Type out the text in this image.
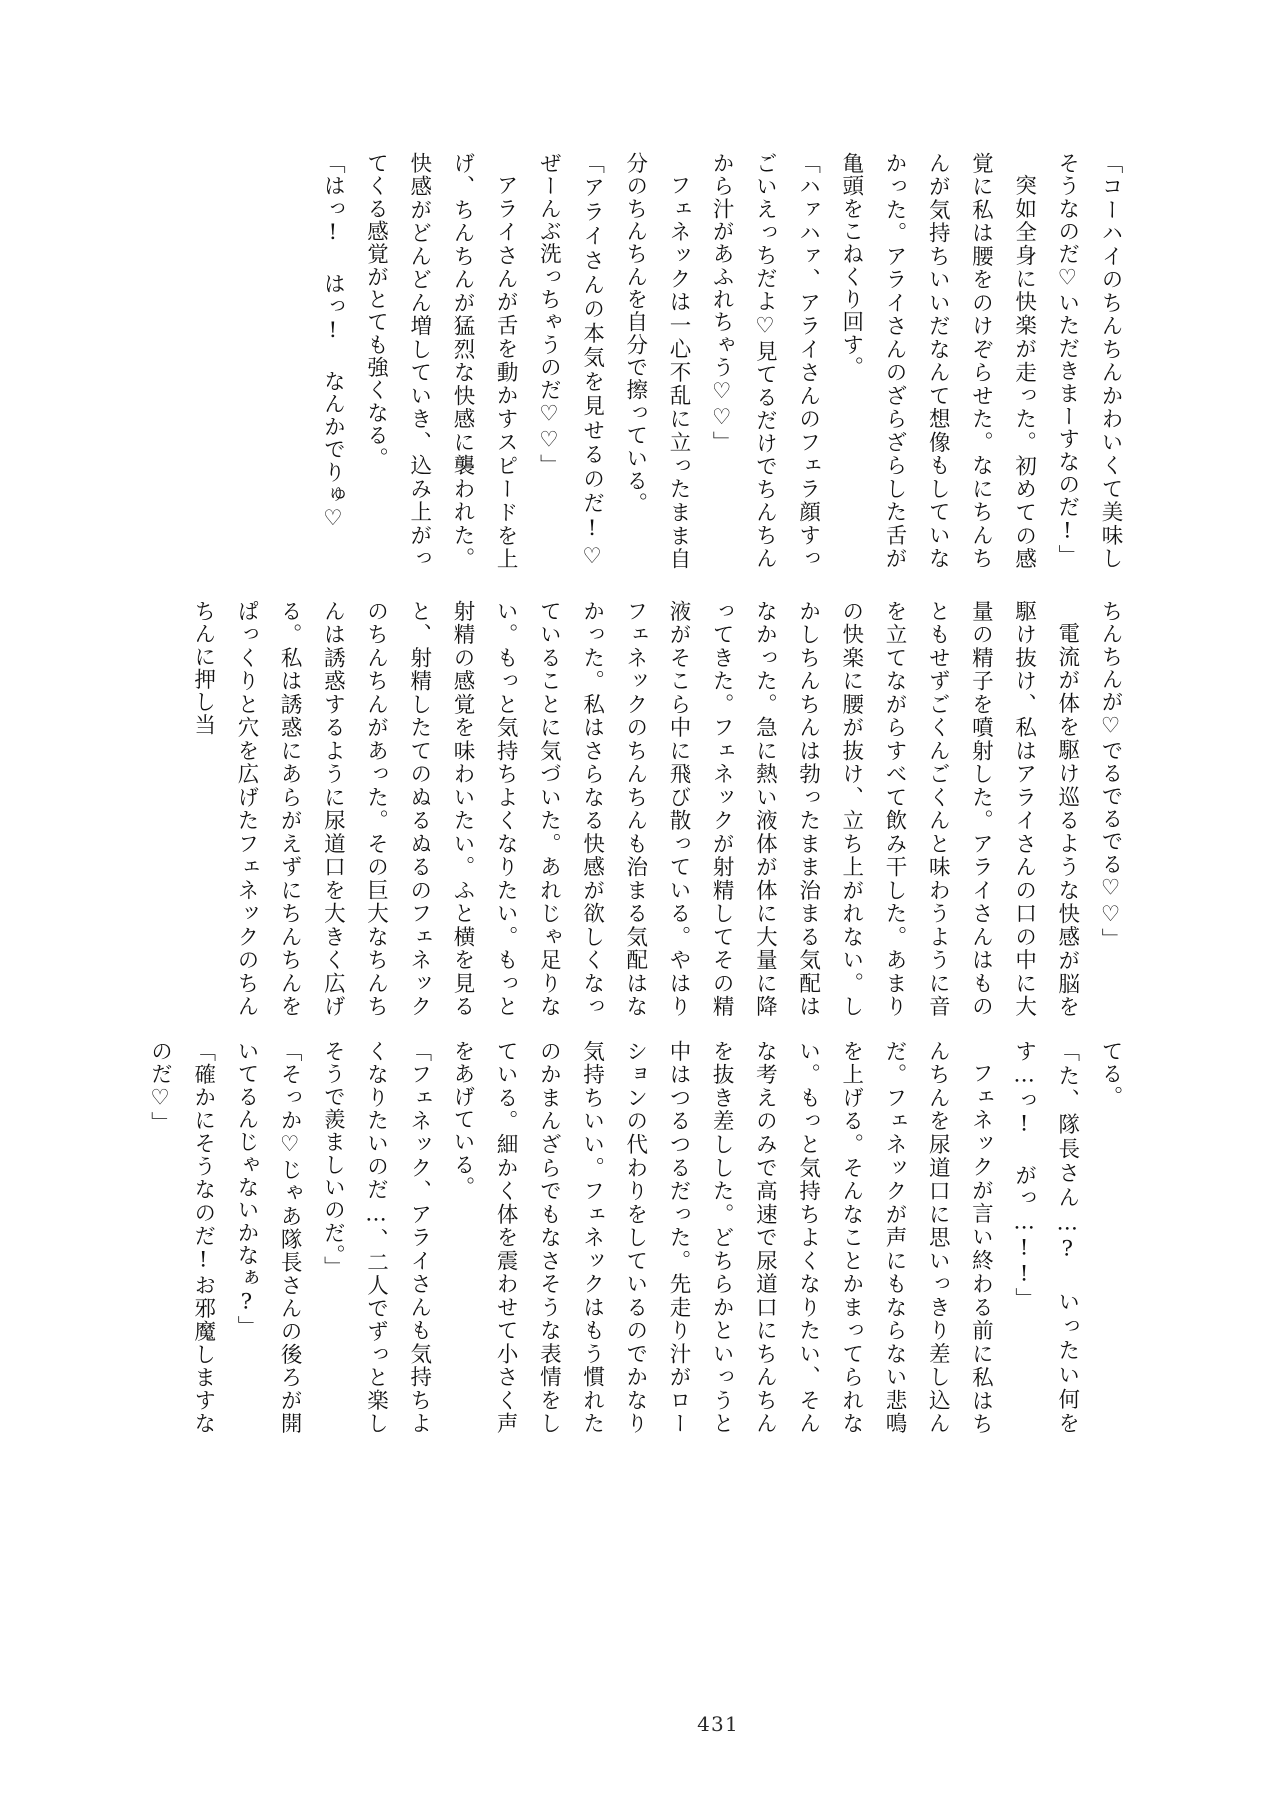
「コーハイのちんちんかわいくて美味しそうなのだ♡いただきまーすなのだ!」

突如全身に快楽が走った。初めての感覚に私は腰をのけぞらせた。なにちんちんが気持ちいいだなんて想像もしていなかった。アライさんのざらざらした舌が亀頭をこねくり回す。

「ハァハァ、アライさんのフェラ顔すっごいえっちだよ♡見てるだけでちんちんから汁があふれちゃう♡♡」

フェネックは一心不乱に立ったまま自分のちんちんを自分で擦っている。

「アライさんの本気を見せるのだ!♡ ぜーんぶ洗っちゃうのだ♡♡」

アライさんが舌を動かすスピードを上げ、ちんちんが猛烈な快感に襲われた。快感がどんどん増していき、込み上がってくる感覚がとても強くなる。

「はっ! はっ! なんかでりゅ♡

ちんちんが♡でるでるでる♡♡」

電流が体を駆け巡るような快感が脳を駆け抜け、私はアライさんの口の中に大量の精子を噴射した。アライさんはものともせずごくんごくんと味わうように音を立てながらすべて飲み干した。あまりの快楽に腰が抜け、立ち上がれない。しかしちんちんは勃ったまま治まる気配はなかった。急に熱い液体が体に大量に降ってきた。フェネックが射精してその精液がそこら中に飛び散っている。やはりフェネックのちんちんも治まる気配はなかった。私はさらなる快感が欲しくなっていることに気づいた。あれじゃ足りない。もっと気持ちよくなりたい。もっと射精の感覚を味わいたい。ふと横を見ると、射精したてのぬるぬるのフェネックのちんちんがあった。その巨大なちんちんは誘惑するように尿道口を大きく広げる。私は誘惑にあらがえずにちんちんをぱっくりと穴を広げたフェネックのちんちんに押し当

てる。

「た、隊長さん…? いったい何をす…っ! がっ…!!」

フェネックが言い終わる前に私はちんちんを尿道口に思いっきり差し込んだ。フェネックが声にもならない悲鳴を上げる。そんなことかまってられない。もっと気持ちよくなりたい、そんな考えのみで高速で尿道口にちんちんを抜き差しした。どちらかといっうと中はつるつるだった。先走り汁がローションの代わりをしているのでかなり気持ちいい。フェネックはもう慣れたのかまんざらでもなさそうな表情をしている。細かく体を震わせて小さく声をあげている。

「フェネック、アライさんも気持ちよくなりたいのだ…、二人でずっと楽しそうで羨ましいのだ。」

「そっか♡じゃあ隊長さんの後ろが開いてるんじゃないかなぁ?」

「確かにそうなのだ!お邪魔しますなのだ♡」

431
